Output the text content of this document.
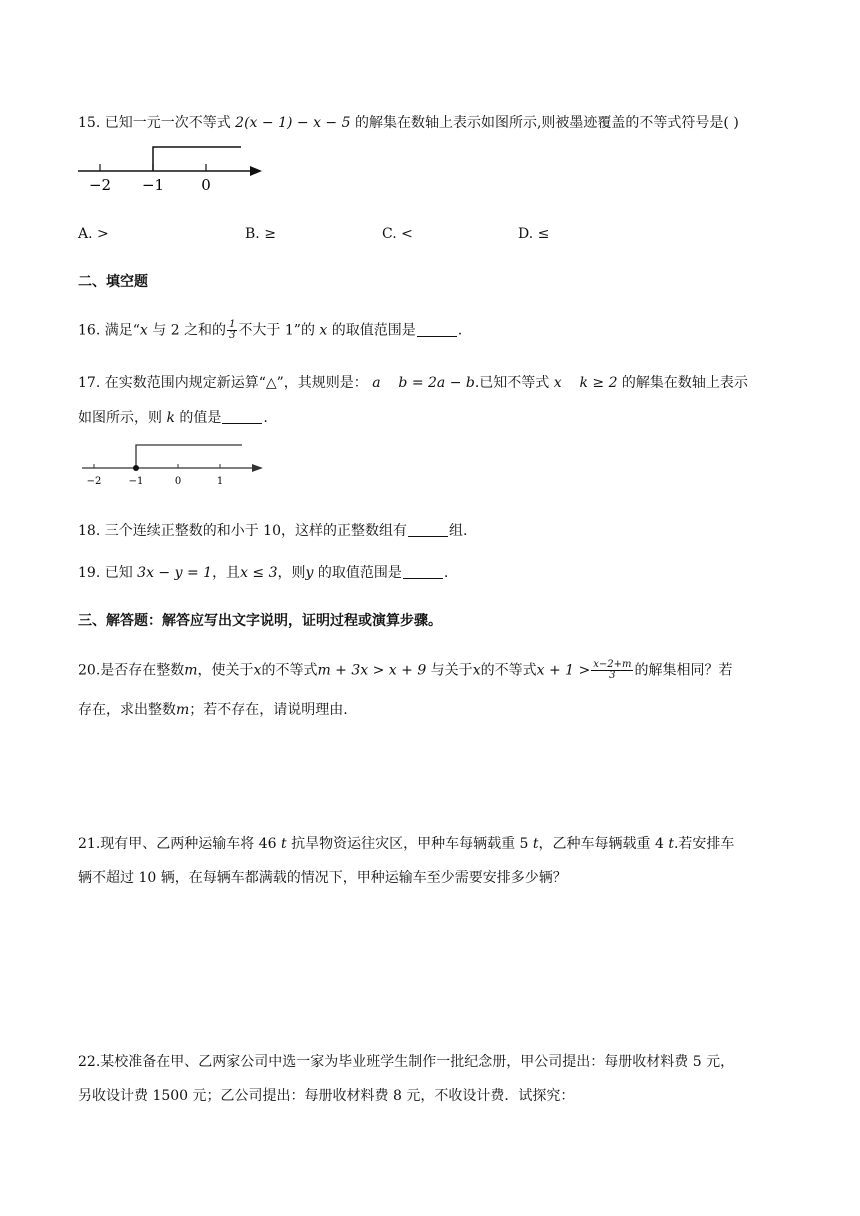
15. 已知一元一次不等式 2(x − 1) − x − 5 的解集在数轴上表示如图所示,则被墨迹覆盖的不等式符号是( )
−2 −1 0
A. >	B. ≥	C. <	D. ≤
二、填空题
16. 满足“x 与 2 之和的 $\frac{1}{3}$ 不大于 1”的 x 的取值范围是	.
17. 在实数范围内规定新运算“△”，其规则是： a    b = 2a − b.已知不等式 x    k ≥ 2 的解集在数轴上表示
如图所示，则 k 的值是	.
−2	−1	0	1
18. 三个连续正整数的和小于 10，这样的正整数组有	组.
19. 已知 3x − y = 1，且x ≤ 3，则y 的取值范围是	.
三、解答题：解答应写出文字说明，证明过程或演算步骤。
20.是否存在整数m，使关于x的不等式m + 3x > x + 9 与关于x的不等式$x + 1 > \frac{x-2+m}{3}$ 的解集相同？若
存在，求出整数m；若不存在，请说明理由.
21.现有甲、乙两种运输车将 46 t 抗旱物资运往灾区，甲种车每辆载重 5 t，乙种车每辆载重 4 t.若安排车
辆不超过 10 辆，在每辆车都满载的情况下，甲种运输车至少需要安排多少辆？
22.某校准备在甲、乙两家公司中选一家为毕业班学生制作一批纪念册，甲公司提出：每册收材料费 5 元，
另收设计费 1500 元；乙公司提出：每册收材料费 8 元，不收设计费．试探究：
